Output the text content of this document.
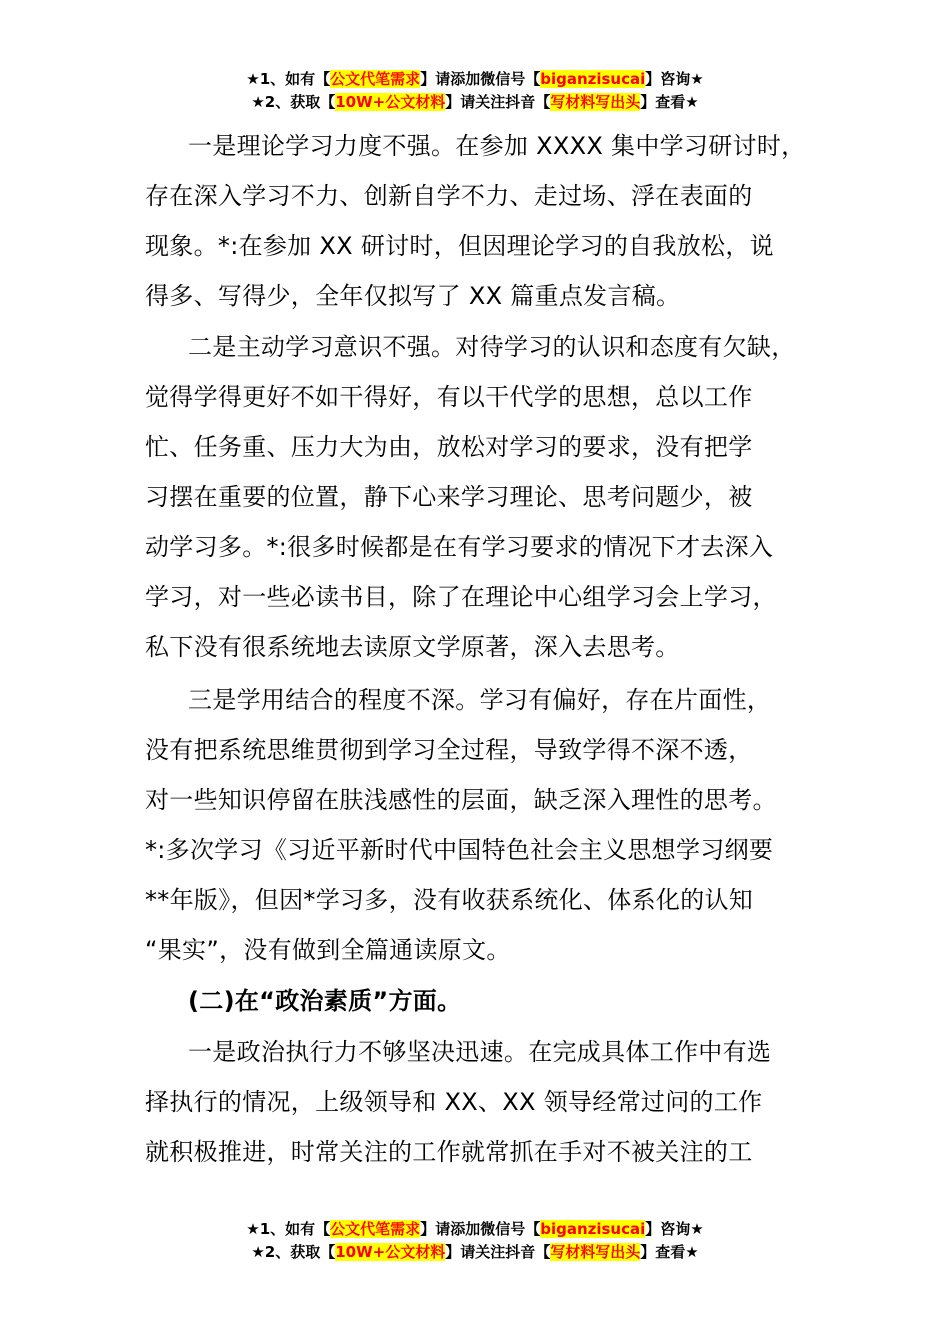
★1、如有【公文代笔需求】请添加微信号【biganzisucai】咨询★
★2、获取【10W+公文材料】请关注抖音【写材料写出头】查看★
一是理论学习力度不强。在参加 XXXX 集中学习研讨时，
存在深入学习不力、创新自学不力、走过场、浮在表面的
现象。*:在参加 XX 研讨时，但因理论学习的自我放松，说
得多、写得少，全年仅拟写了 XX 篇重点发言稿。
二是主动学习意识不强。对待学习的认识和态度有欠缺，
觉得学得更好不如干得好，有以干代学的思想，总以工作
忙、任务重、压力大为由，放松对学习的要求，没有把学
习摆在重要的位置，静下心来学习理论、思考问题少，被
动学习多。*:很多时候都是在有学习要求的情况下才去深入
学习，对一些必读书目，除了在理论中心组学习会上学习，
私下没有很系统地去读原文学原著，深入去思考。
三是学用结合的程度不深。学习有偏好，存在片面性，
没有把系统思维贯彻到学习全过程，导致学得不深不透，
对一些知识停留在肤浅感性的层面，缺乏深入理性的思考。
*:多次学习《习近平新时代中国特色社会主义思想学习纲要
**年版》，但因*学习多，没有收获系统化、体系化的认知
“果实”，没有做到全篇通读原文。
(二)在“政治素质”方面。
一是政治执行力不够坚决迅速。在完成具体工作中有选
择执行的情况，上级领导和 XX、XX 领导经常过问的工作
就积极推进，时常关注的工作就常抓在手对不被关注的工
★1、如有【公文代笔需求】请添加微信号【biganzisucai】咨询★
★2、获取【10W+公文材料】请关注抖音【写材料写出头】查看★
